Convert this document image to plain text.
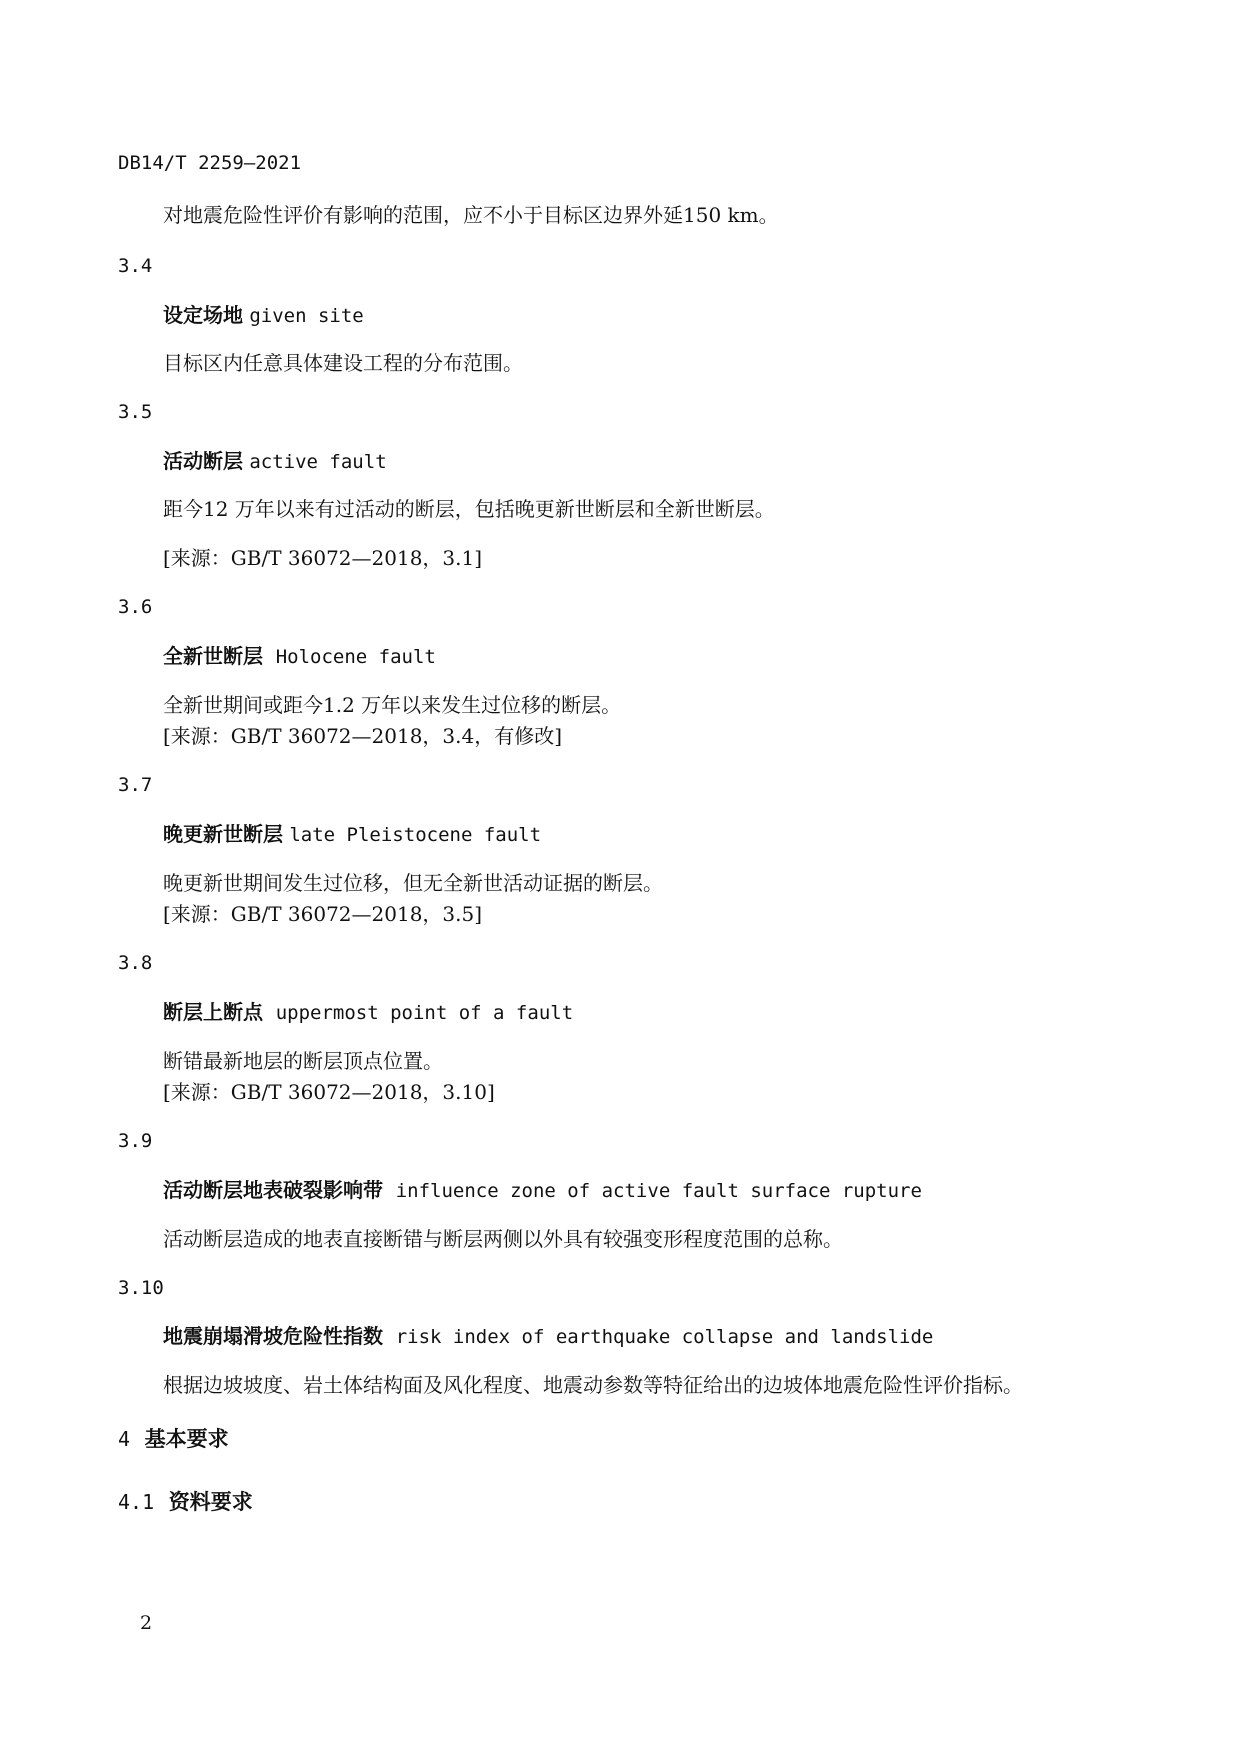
DB14/T 2259—2021
对地震危险性评价有影响的范围，应不小于目标区边界外延150 km。
3.4
设定场地 given site
目标区内任意具体建设工程的分布范围。
3.5
活动断层 active fault
距今12 万年以来有过活动的断层，包括晚更新世断层和全新世断层。
[来源：GB/T 36072—2018，3.1]
3.6
全新世断层 Holocene fault
全新世期间或距今1.2 万年以来发生过位移的断层。
[来源：GB/T 36072—2018，3.4，有修改]
3.7
晚更新世断层 late Pleistocene fault
晚更新世期间发生过位移，但无全新世活动证据的断层。
[来源：GB/T 36072—2018，3.5]
3.8
断层上断点 uppermost point of a fault
断错最新地层的断层顶点位置。
[来源：GB/T 36072—2018，3.10]
3.9
活动断层地表破裂影响带 influence zone of active fault surface rupture
活动断层造成的地表直接断错与断层两侧以外具有较强变形程度范围的总称。
3.10
地震崩塌滑坡危险性指数 risk index of earthquake collapse and landslide
根据边坡坡度、岩土体结构面及风化程度、地震动参数等特征给出的边坡体地震危险性评价指标。
4 基本要求
4.1 资料要求
2
